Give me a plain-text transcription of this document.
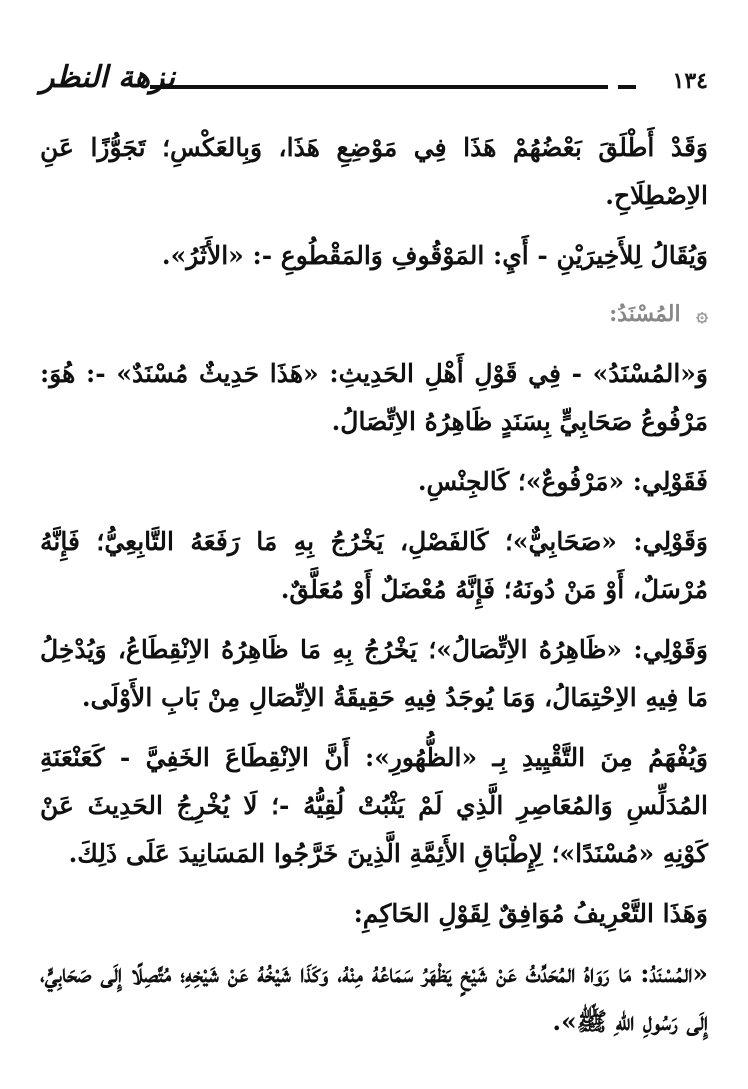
١٣٤
نزهة النظر

وَقَدْ أَطْلَقَ بَعْضُهُمْ هَذَا فِي مَوْضِعِ هَذَا، وَبِالعَكْسِ؛ تَجَوُّزًا عَنِ الاِصْطِلَاحِ.

وَيُقَالُ لِلأَخِيرَيْنِ - أَيِ: المَوْقُوفِ وَالمَقْطُوعِ -: «الأَثَرُ».

۞ المُسْنَدُ:

وَ«المُسْنَدُ» - فِي قَوْلِ أَهْلِ الحَدِيثِ: «هَذَا حَدِيثٌ مُسْنَدٌ» -: هُوَ: مَرْفُوعُ صَحَابِيٍّ بِسَنَدٍ ظَاهِرُهُ الاِتِّصَالُ.

فَقَوْلِي: «مَرْفُوعٌ»؛ كَالجِنْسِ.

وَقَوْلِي: «صَحَابِيٌّ»؛ كَالفَصْلِ، يَخْرُجُ بِهِ مَا رَفَعَهُ التَّابِعِيُّ؛ فَإِنَّهُ مُرْسَلٌ، أَوْ مَنْ دُونَهُ؛ فَإِنَّهُ مُعْضَلٌ أَوْ مُعَلَّقٌ.

وَقَوْلِي: «ظَاهِرُهُ الاِتِّصَالُ»؛ يَخْرُجُ بِهِ مَا ظَاهِرُهُ الاِنْقِطَاعُ، وَيُدْخِلُ مَا فِيهِ الاِحْتِمَالُ، وَمَا يُوجَدُ فِيهِ حَقِيقَةُ الاِتِّصَالِ مِنْ بَابِ الأَوْلَى.

وَيُفْهَمُ مِنَ التَّقْيِيدِ بِـ «الظُّهُورِ»: أَنَّ الاِنْقِطَاعَ الخَفِيَّ - كَعَنْعَنَةِ المُدَلِّسِ وَالمُعَاصِرِ الَّذِي لَمْ يَثْبُتْ لُقِيُّهُ -؛ لَا يُخْرِجُ الحَدِيثَ عَنْ كَوْنِهِ «مُسْنَدًا»؛ لِإِطْبَاقِ الأَئِمَّةِ الَّذِينَ خَرَّجُوا المَسَانِيدَ عَلَى ذَلِكَ.

وَهَذَا التَّعْرِيفُ مُوَافِقٌ لِقَوْلِ الحَاكِمِ:

«المُسْنَدُ: مَا رَوَاهُ المُحَدِّثُ عَنْ شَيْخٍ يَظْهَرُ سَمَاعُهُ مِنْهُ، وَكَذَا شَيْخُهُ عَنْ شَيْخِهِ؛ مُتَّصِلًا إِلَى صَحَابِيٍّ، إِلَى رَسُولِ اللهِ ﷺ».
